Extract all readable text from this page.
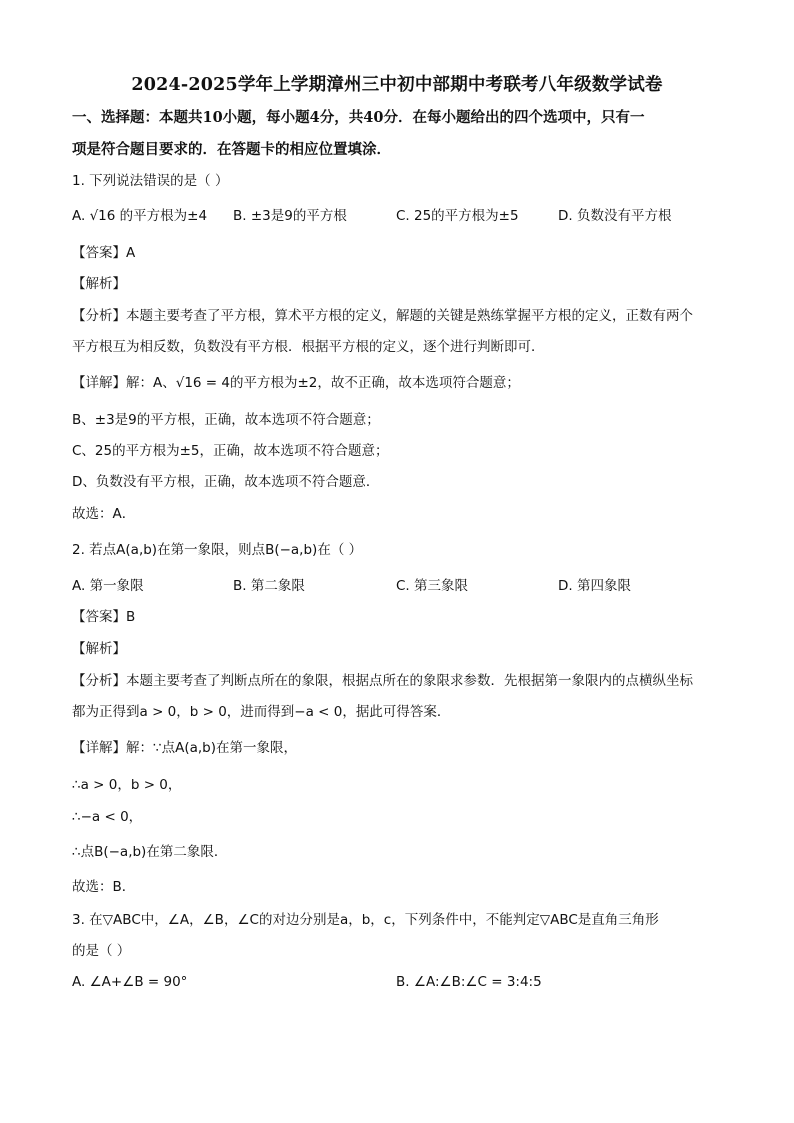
2024-2025学年上学期漳州三中初中部期中考联考八年级数学试卷
一、选择题：本题共10小题，每小题4分，共40分．在每小题给出的四个选项中，只有一
项是符合题目要求的．在答题卡的相应位置填涂．
1. 下列说法错误的是（ ）
A. √16 的平方根为±4 B. ±3是9的平方根	C. 25的平方根为±5	D. 负数没有平方根
【答案】A
【解析】
【分析】本题主要考查了平方根，算术平方根的定义，解题的关键是熟练掌握平方根的定义，正数有两个
平方根互为相反数，负数没有平方根．根据平方根的定义，逐个进行判断即可．
【详解】解：A、√16 = 4的平方根为±2，故不正确，故本选项符合题意；
B、±3是9的平方根，正确，故本选项不符合题意；
C、25的平方根为±5，正确，故本选项不符合题意；
D、负数没有平方根，正确，故本选项不符合题意．
故选：A．
2. 若点A(a,b)在第一象限，则点B(−a,b)在（ ）
A. 第一象限	B. 第二象限	C. 第三象限	D. 第四象限
【答案】B
【解析】
【分析】本题主要考查了判断点所在的象限，根据点所在的象限求参数．先根据第一象限内的点横纵坐标
都为正得到a > 0，b > 0，进而得到−a < 0，据此可得答案．
【详解】解：∵点A(a,b)在第一象限，
∴a > 0，b > 0，
∴−a < 0，
∴点B(−a,b)在第二象限．
故选：B．
3. 在▽ABC中，∠A，∠B，∠C的对边分别是a，b，c，下列条件中，不能判定▽ABC是直角三角形
的是（ ）
A. ∠A+∠B = 90°	B. ∠A:∠B:∠C = 3:4:5
